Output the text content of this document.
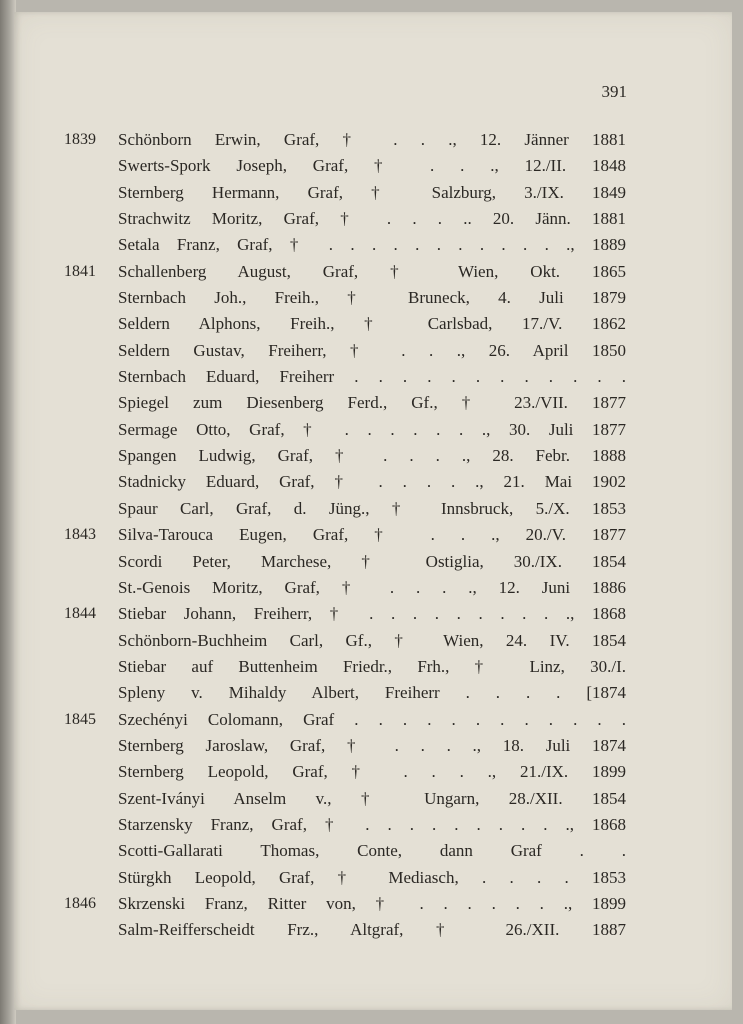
391
1839	Schönborn Erwin, Graf, † . . ., 12. Jänner 1881
Swerts-Spork Joseph, Graf, † . . ., 12./II. 1848
Sternberg Hermann, Graf, † Salzburg, 3./IX. 1849
Strachwitz Moritz, Graf, † . . . .. 20. Jänn. 1881
Setala Franz, Graf, † . . . . . . . . . . . ., 1889
1841	Schallenberg August, Graf, † Wien, Okt. 1865
Sternbach Joh., Freih., † Bruneck, 4. Juli 1879
Seldern Alphons, Freih., † Carlsbad, 17./V. 1862
Seldern Gustav, Freiherr, † . . ., 26. April 1850
Sternbach Eduard, Freiherr . . . . . . . . . . . .
Spiegel zum Diesenberg Ferd., Gf., † 23./VII. 1877
Sermage Otto, Graf, † . . . . . . ., 30. Juli 1877
Spangen Ludwig, Graf, † . . . ., 28. Febr. 1888
Stadnicky Eduard, Graf, † . . . . ., 21. Mai 1902
Spaur Carl, Graf, d. Jüng., † Innsbruck, 5./X. 1853
1843	Silva-Tarouca Eugen, Graf, † . . ., 20./V. 1877
Scordi Peter, Marchese, † Ostiglia, 30./IX. 1854
St.-Genois Moritz, Graf, † . . . ., 12. Juni 1886
1844	Stiebar Johann, Freiherr, † . . . . . . . . . ., 1868
Schönborn-Buchheim Carl, Gf., † Wien, 24. IV. 1854
Stiebar auf Buttenheim Friedr., Frh., † Linz, 30./I.
Spleny v. Mihaldy Albert, Freiherr . . . . [1874
1845	Szechényi Colomann, Graf . . . . . . . . . . . .
Sternberg Jaroslaw, Graf, † . . . ., 18. Juli 1874
Sternberg Leopold, Graf, † . . . ., 21./IX. 1899
Szent-Iványi Anselm v., † Ungarn, 28./XII. 1854
Starzensky Franz, Graf, † . . . . . . . . . ., 1868
Scotti-Gallarati Thomas, Conte, dann Graf . .
Stürgkh Leopold, Graf, † Mediasch, . . . . 1853
1846	Skrzenski Franz, Ritter von, † . . . . . . ., 1899
Salm-Reifferscheidt Frz., Altgraf, † 26./XII. 1887
